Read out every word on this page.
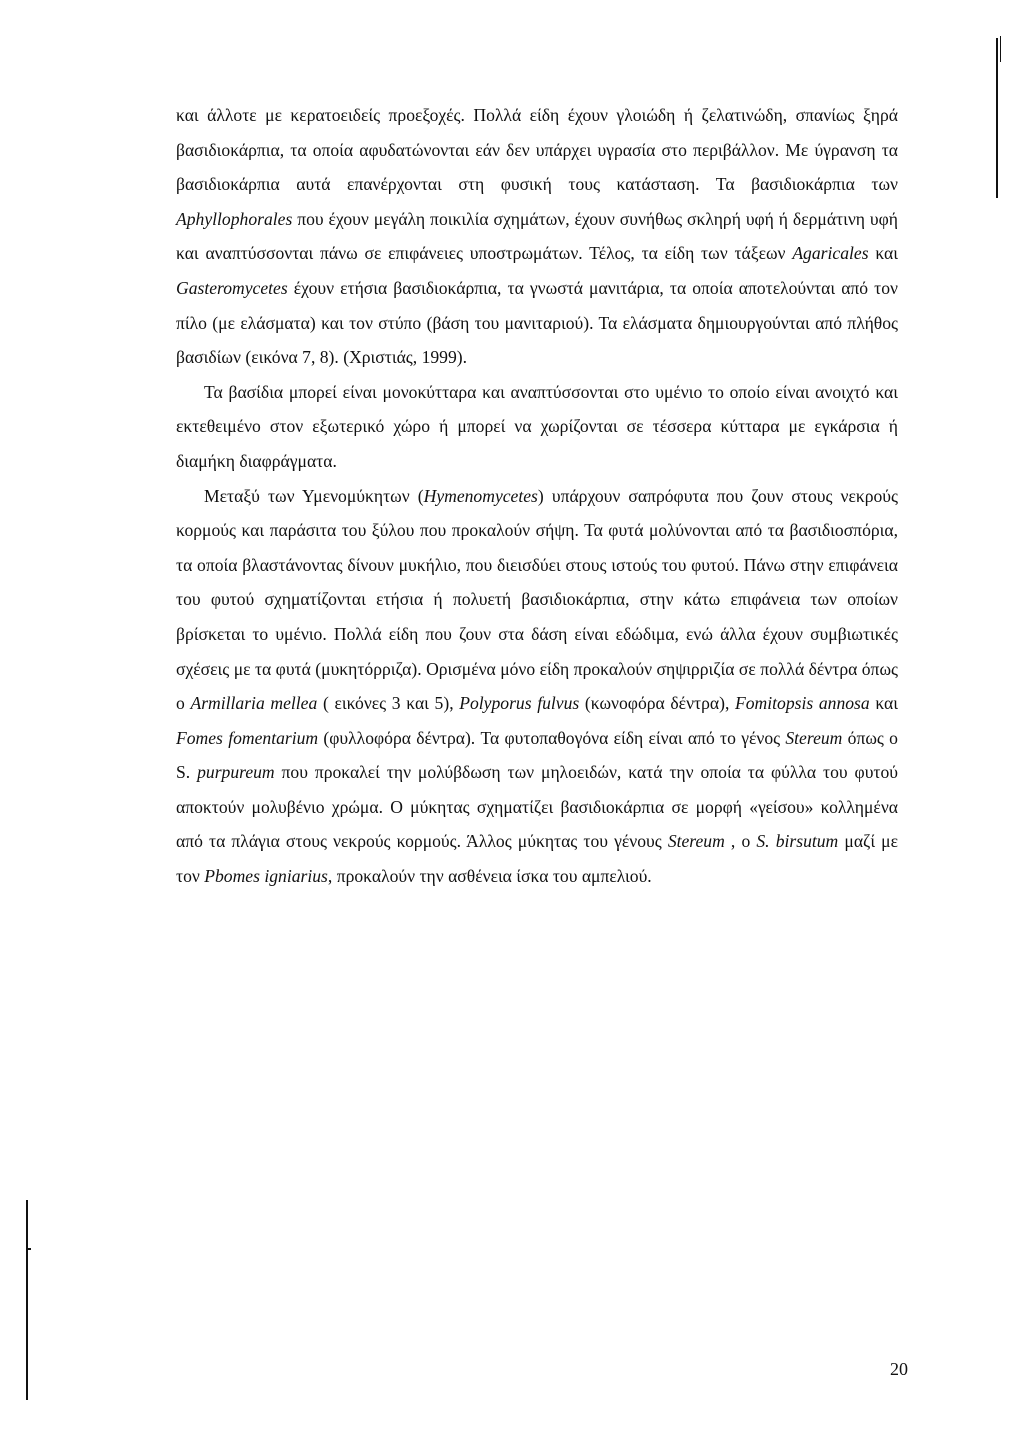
και άλλοτε με κερατοειδείς προεξοχές. Πολλά είδη έχουν γλοιώδη ή ζελατινώδη, σπανίως ξηρά βασιδιοκάρπια, τα οποία αφυδατώνονται εάν δεν υπάρχει υγρασία στο περιβάλλον. Με ύγρανση τα βασιδιοκάρπια αυτά επανέρχονται στη φυσική τους κατάσταση. Τα βασιδιοκάρπια των Aphyllophorales που έχουν μεγάλη ποικιλία σχημάτων, έχουν συνήθως σκληρή υφή ή δερμάτινη υφή και αναπτύσσονται πάνω σε επιφάνειες υποστρωμάτων. Τέλος, τα είδη των τάξεων Agaricales και Gasteromycetes έχουν ετήσια βασιδιοκάρπια, τα γνωστά μανιτάρια, τα οποία αποτελούνται από τον πίλο (με ελάσματα) και τον στύπο (βάση του μανιταριού). Τα ελάσματα δημιουργούνται από πλήθος βασιδίων (εικόνα 7, 8). (Χριστιάς, 1999).

Τα βασίδια μπορεί είναι μονοκύτταρα και αναπτύσσονται στο υμένιο το οποίο είναι ανοιχτό και εκτεθειμένο στον εξωτερικό χώρο ή μπορεί να χωρίζονται σε τέσσερα κύτταρα με εγκάρσια ή διαμήκη διαφράγματα.

Μεταξύ των Υμενομύκητων (Hymenomycetes) υπάρχουν σαπρόφυτα που ζουν στους νεκρούς κορμούς και παράσιτα του ξύλου που προκαλούν σήψη. Τα φυτά μολύνονται από τα βασιδιοσπόρια, τα οποία βλαστάνοντας δίνουν μυκήλιο, που διεισδύει στους ιστούς του φυτού. Πάνω στην επιφάνεια του φυτού σχηματίζονται ετήσια ή πολυετή βασιδιοκάρπια, στην κάτω επιφάνεια των οποίων βρίσκεται το υμένιο. Πολλά είδη που ζουν στα δάση είναι εδώδιμα, ενώ άλλα έχουν συμβιωτικές σχέσεις με τα φυτά (μυκητόρριζα). Ορισμένα μόνο είδη προκαλούν σηψιρριζία σε πολλά δέντρα όπως ο Armillaria mellea ( εικόνες 3 και 5), Polyporus fulvus (κωνοφόρα δέντρα), Fomitopsis annosa και Fomes fomentarium (φυλλοφόρα δέντρα). Τα φυτοπαθογόνα είδη είναι από το γένος Stereum όπως ο S. purpureum που προκαλεί την μολύβδωση των μηλοειδών, κατά την οποία τα φύλλα του φυτού αποκτούν μολυβένιο χρώμα. Ο μύκητας σχηματίζει βασιδιοκάρπια σε μορφή «γείσου» κολλημένα από τα πλάγια στους νεκρούς κορμούς. Άλλος μύκητας του γένους Stereum , ο S. birsutum μαζί με τον Pbomes igniarius, προκαλούν την ασθένεια ίσκα του αμπελιού.

20
